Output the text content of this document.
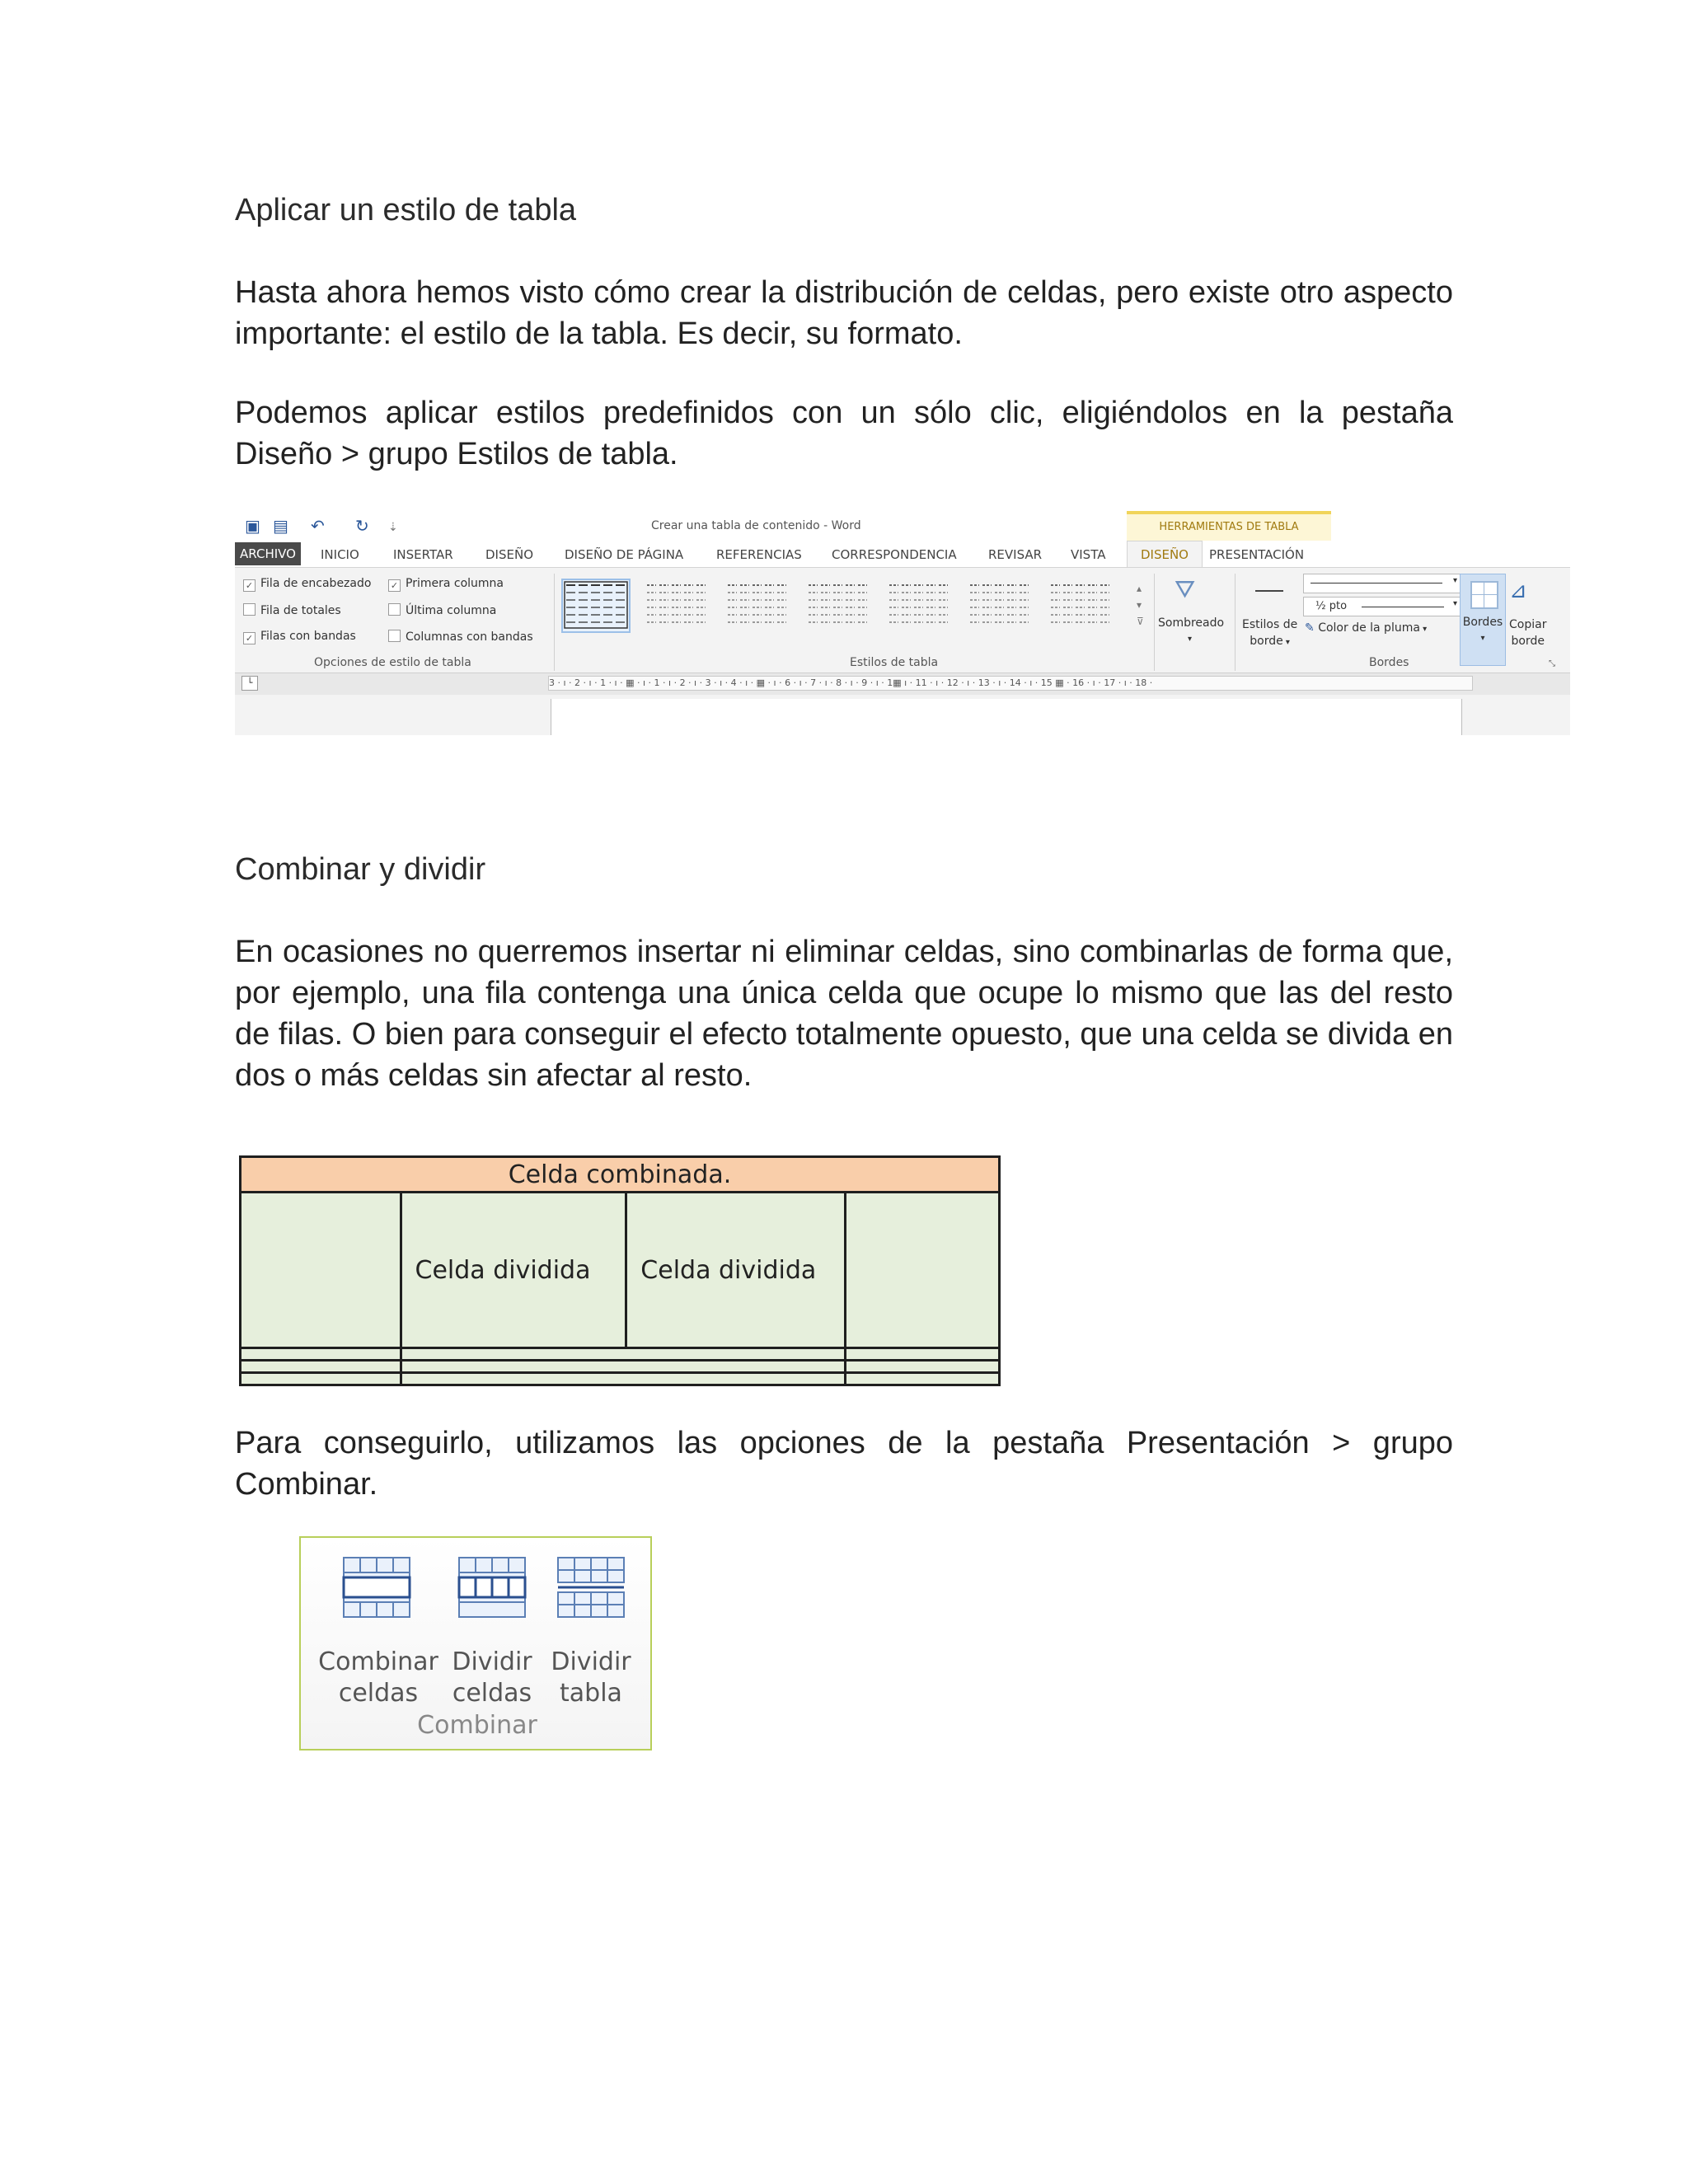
Aplicar un estilo de tabla
Hasta ahora hemos visto cómo crear la distribución de celdas, pero existe otro aspecto importante: el estilo de la tabla. Es decir, su formato.
Podemos aplicar estilos predefinidos con un sólo clic, eligiéndolos en la pestaña Diseño > grupo Estilos de tabla.
▣ ▤ ↶ ↻ ⇣	Crear una tabla de contenido - Word	HERRAMIENTAS DE TABLA
ARCHIVO	INICIO	INSERTAR	DISEÑO	DISEÑO DE PÁGINA	REFERENCIAS CORRESPONDENCIA	REVISAR VISTA	DISEÑO	PRESENTACIÓN
✓ Fila de encabezado ✓ Primera columna
Fila de totales	Última columna
✓ Filas con bandas	Columnas con bandas
Opciones de estilo de tabla
▴
▾
⊽
Estilos de tabla
⛛
Sombreado
▾
Estilos de
borde ▾
▾
½ pto	▾
✎ Color de la pluma ▾
Bordes
▾
⊿
Copiar
borde
Bordes	⤡
└	3 · ı · 2 · ı · 1 · ı · ▦ · ı · 1 · ı · 2 · ı · 3 · ı · 4 · ı · ▦ · ı · 6 · ı · 7 · ı · 8 · ı · 9 · ı · 1▦ ı · 11 · ı · 12 · ı · 13 · ı · 14 · ı · 15 ▦ · 16 · ı · 17 · ı · 18 ·
Combinar y dividir
En ocasiones no querremos insertar ni eliminar celdas, sino combinarlas de forma que, por ejemplo, una fila contenga una única celda que ocupe lo mismo que las del resto de filas. O bien para conseguir el efecto totalmente opuesto, que una celda se divida en dos o más celdas sin afectar al resto.
Celda combinada.			
	Celda dividida	Celda dividida	

Para conseguirlo, utilizamos las opciones de la pestaña Presentación > grupo Combinar.
Combinar
celdas
Dividir
celdas
Dividir
tabla
Combinar
